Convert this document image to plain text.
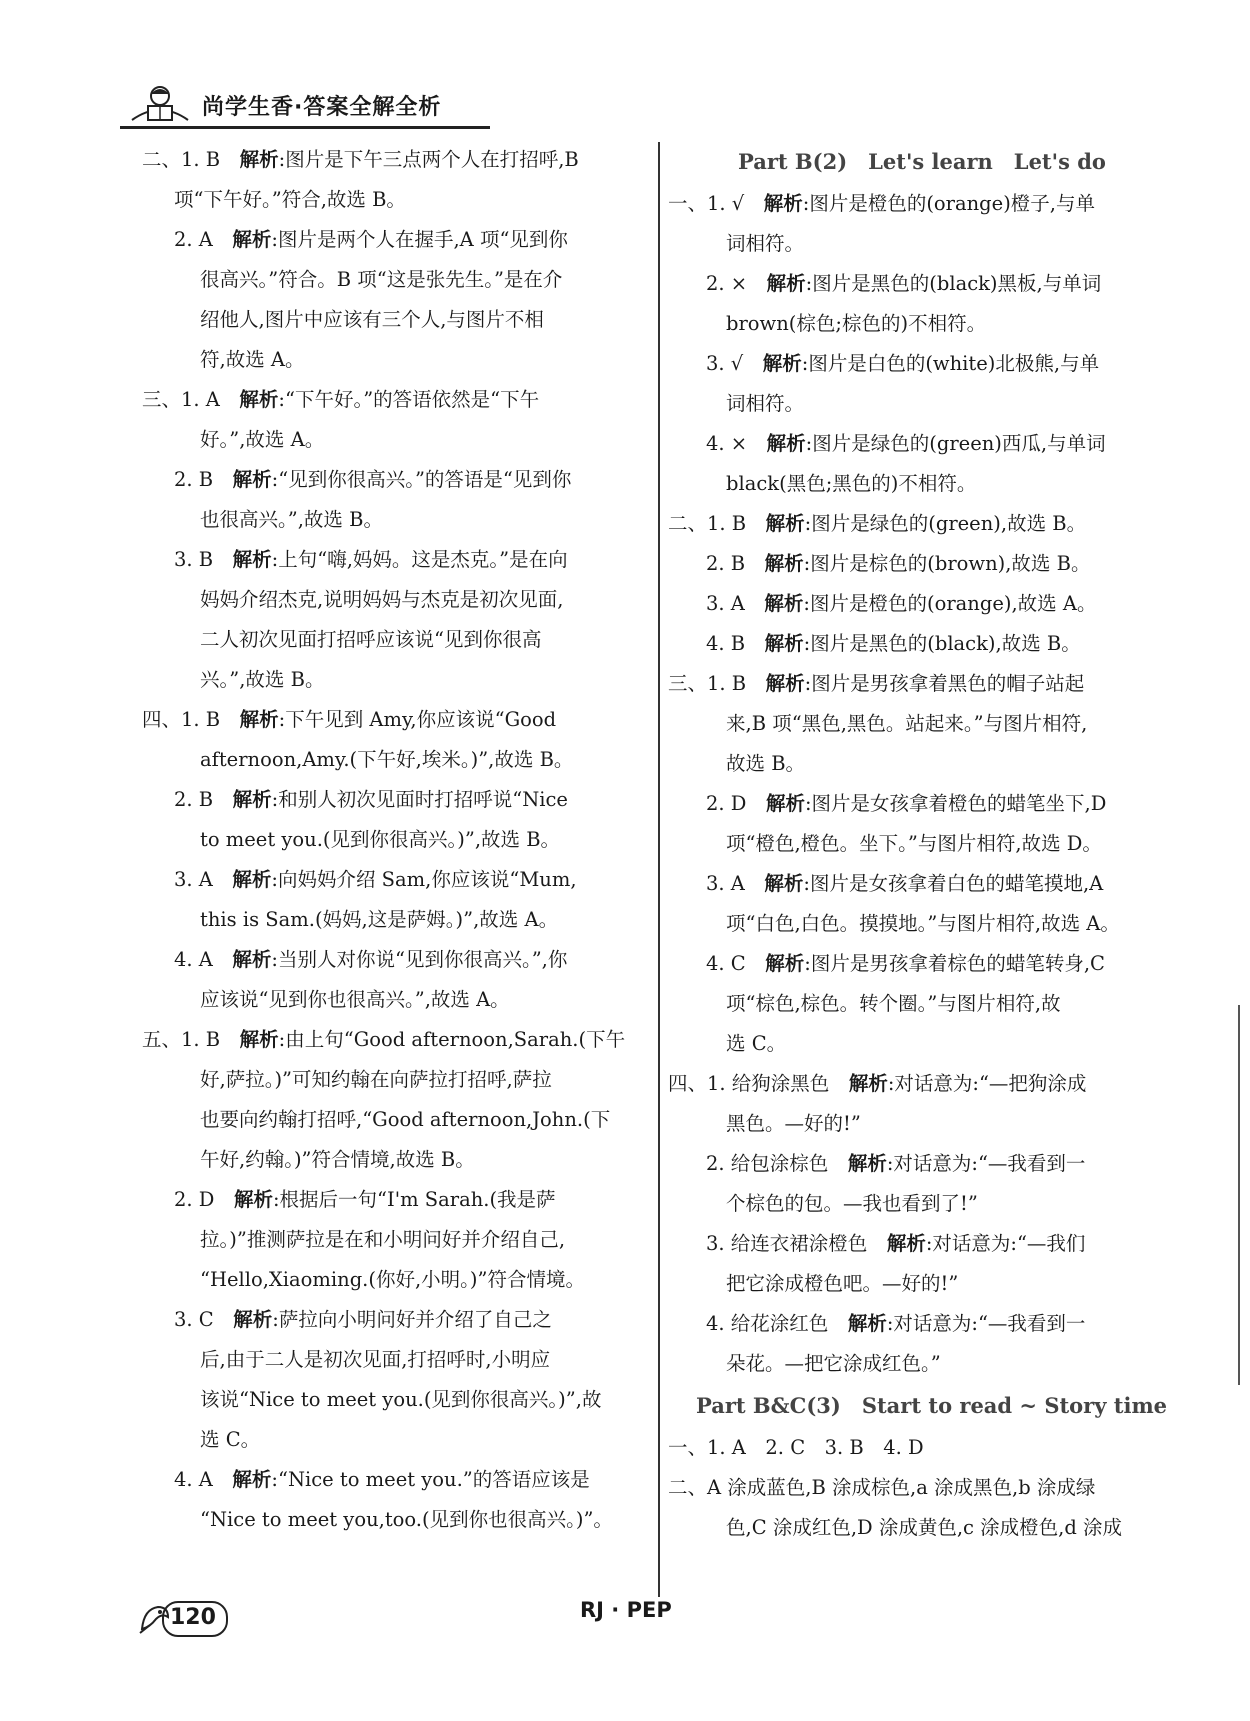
尚学生香·答案全解全析
二、1. B　解析:图片是下午三点两个人在打招呼,B
项“下午好。”符合,故选 B。
2. A　解析:图片是两个人在握手,A 项“见到你
很高兴。”符合。B 项“这是张先生。”是在介
绍他人,图片中应该有三个人,与图片不相
符,故选 A。
三、1. A　解析:“下午好。”的答语依然是“下午
好。”,故选 A。
2. B　解析:“见到你很高兴。”的答语是“见到你
也很高兴。”,故选 B。
3. B　解析:上句“嗨,妈妈。这是杰克。”是在向
妈妈介绍杰克,说明妈妈与杰克是初次见面,
二人初次见面打招呼应该说“见到你很高
兴。”,故选 B。
四、1. B　解析:下午见到 Amy,你应该说“Good
afternoon,Amy.(下午好,埃米。)”,故选 B。
2. B　解析:和别人初次见面时打招呼说“Nice
to meet you.(见到你很高兴。)”,故选 B。
3. A　解析:向妈妈介绍 Sam,你应该说“Mum,
this is Sam.(妈妈,这是萨姆。)”,故选 A。
4. A　解析:当别人对你说“见到你很高兴。”,你
应该说“见到你也很高兴。”,故选 A。
五、1. B　解析:由上句“Good afternoon,Sarah.(下午
好,萨拉。)”可知约翰在向萨拉打招呼,萨拉
也要向约翰打招呼,“Good afternoon,John.(下
午好,约翰。)”符合情境,故选 B。
2. D　解析:根据后一句“I'm Sarah.(我是萨
拉。)”推测萨拉是在和小明问好并介绍自己,
“Hello,Xiaoming.(你好,小明。)”符合情境。
3. C　解析:萨拉向小明问好并介绍了自己之
后,由于二人是初次见面,打招呼时,小明应
该说“Nice to meet you.(见到你很高兴。)”,故
选 C。
4. A　解析:“Nice to meet you.”的答语应该是
“Nice to meet you,too.(见到你也很高兴。)”。
Part B(2)　Let's learn　Let's do
一、1. √　解析:图片是橙色的(orange)橙子,与单
词相符。
2. ×　解析:图片是黑色的(black)黑板,与单词
brown(棕色;棕色的)不相符。
3. √　解析:图片是白色的(white)北极熊,与单
词相符。
4. ×　解析:图片是绿色的(green)西瓜,与单词
black(黑色;黑色的)不相符。
二、1. B　解析:图片是绿色的(green),故选 B。
2. B　解析:图片是棕色的(brown),故选 B。
3. A　解析:图片是橙色的(orange),故选 A。
4. B　解析:图片是黑色的(black),故选 B。
三、1. B　解析:图片是男孩拿着黑色的帽子站起
来,B 项“黑色,黑色。站起来。”与图片相符,
故选 B。
2. D　解析:图片是女孩拿着橙色的蜡笔坐下,D
项“橙色,橙色。坐下。”与图片相符,故选 D。
3. A　解析:图片是女孩拿着白色的蜡笔摸地,A
项“白色,白色。摸摸地。”与图片相符,故选 A。
4. C　解析:图片是男孩拿着棕色的蜡笔转身,C
项“棕色,棕色。转个圈。”与图片相符,故
选 C。
四、1. 给狗涂黑色　解析:对话意为:“—把狗涂成
黑色。—好的!”
2. 给包涂棕色　解析:对话意为:“—我看到一
个棕色的包。—我也看到了!”
3. 给连衣裙涂橙色　解析:对话意为:“—我们
把它涂成橙色吧。—好的!”
4. 给花涂红色　解析:对话意为:“—我看到一
朵花。—把它涂成红色。”
Part B&C(3)　Start to read ~ Story time
一、1. A　2. C　3. B　4. D
二、A 涂成蓝色,B 涂成棕色,a 涂成黑色,b 涂成绿
色,C 涂成红色,D 涂成黄色,c 涂成橙色,d 涂成
120	RJ · PEP
